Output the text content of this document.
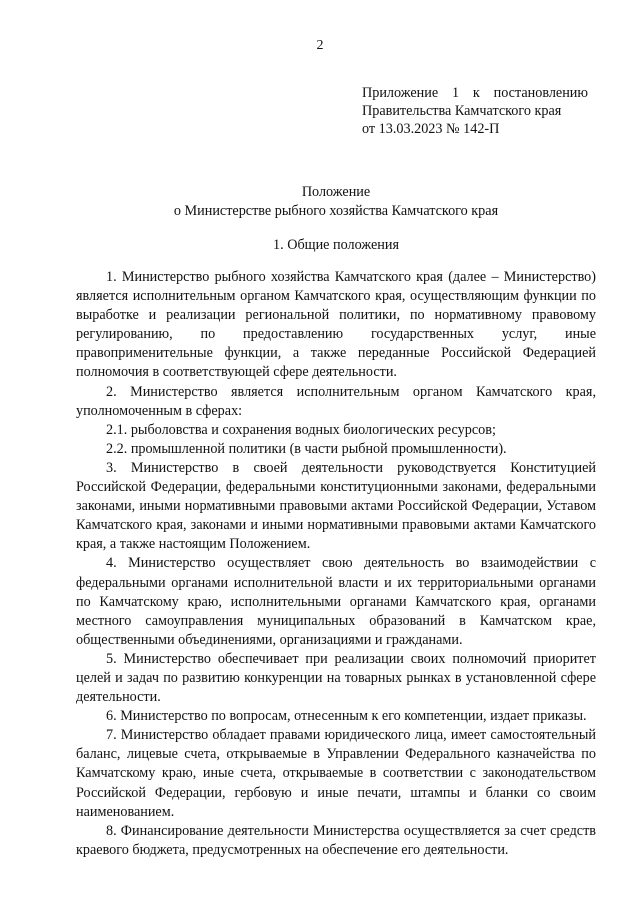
2
Приложение 1 к постановлению
Правительства Камчатского края
от 13.03.2023 № 142-П
Положение
о Министерстве рыбного хозяйства Камчатского края
1. Общие положения

1. Министерство рыбного хозяйства Камчатского края (далее – Министерство) является исполнительным органом Камчатского края, осуществляющим функции по выработке и реализации региональной политики, по нормативному правовому регулированию, по предоставлению государственных услуг, иные правоприменительные функции, а также переданные Российской Федерацией полномочия в соответствующей сфере деятельности.

2. Министерство является исполнительным органом Камчатского края, уполномоченным в сферах:

2.1. рыболовства и сохранения водных биологических ресурсов;

2.2. промышленной политики (в части рыбной промышленности).

3. Министерство в своей деятельности руководствуется Конституцией Российской Федерации, федеральными конституционными законами, федеральными законами, иными нормативными правовыми актами Российской Федерации, Уставом Камчатского края, законами и иными нормативными правовыми актами Камчатского края, а также настоящим Положением.

4. Министерство осуществляет свою деятельность во взаимодействии с федеральными органами исполнительной власти и их территориальными органами по Камчатскому краю, исполнительными органами Камчатского края, органами местного самоуправления муниципальных образований в Камчатском крае, общественными объединениями, организациями и гражданами.

5. Министерство обеспечивает при реализации своих полномочий приоритет целей и задач по развитию конкуренции на товарных рынках в установленной сфере деятельности.

6. Министерство по вопросам, отнесенным к его компетенции, издает приказы.

7. Министерство обладает правами юридического лица, имеет самостоятельный баланс, лицевые счета, открываемые в Управлении Федерального казначейства по Камчатскому краю, иные счета, открываемые в соответствии с законодательством Российской Федерации, гербовую и иные печати, штампы и бланки со своим наименованием.

8. Финансирование деятельности Министерства осуществляется за счет средств краевого бюджета, предусмотренных на обеспечение его деятельности.
